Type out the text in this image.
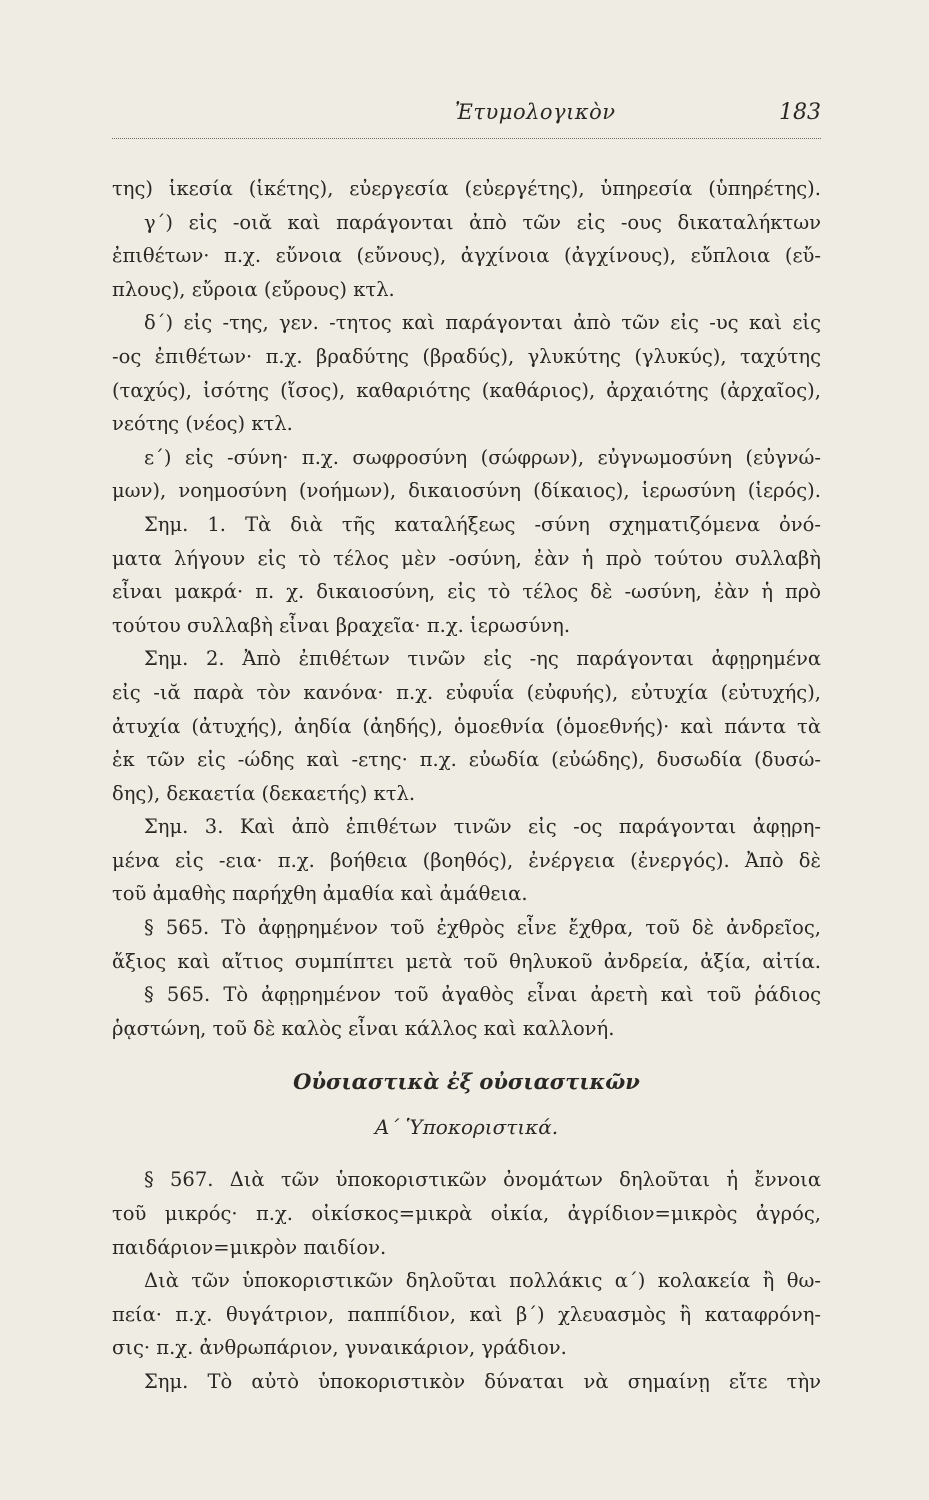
Ἐτυμολογικὸν	183
της) ἱκεσία (ἱκέτης), εὐεργεσία (εὐεργέτης), ὑπηρεσία (ὑπηρέτης).
γ΄) εἰς -οιᾰ καὶ παράγονται ἀπὸ τῶν εἰς -ους δικαταλήκτων
ἐπιθέτων· π.χ. εὔνοια (εὔνους), ἀγχίνοια (ἀγχίνους), εὔπλοια (εὔ-
πλους), εὔροια (εὔρους) κτλ.
δ΄) εἰς -της, γεν. -τητος καὶ παράγονται ἀπὸ τῶν εἰς -υς καὶ εἰς
-ος ἐπιθέτων· π.χ. βραδύτης (βραδύς), γλυκύτης (γλυκύς), ταχύτης
(ταχύς), ἰσότης (ἴσος), καθαριότης (καθάριος), ἀρχαιότης (ἀρχαῖος),
νεότης (νέος) κτλ.
ε΄) εἰς -σύνη· π.χ. σωφροσύνη (σώφρων), εὐγνωμοσύνη (εὐγνώ-
μων), νοημοσύνη (νοήμων), δικαιοσύνη (δίκαιος), ἱερωσύνη (ἱερός).
Σημ. 1. Τὰ διὰ τῆς καταλήξεως -σύνη σχηματιζόμενα ὀνό-
ματα λήγουν εἰς τὸ τέλος μὲν -οσύνη, ἐὰν ἡ πρὸ τούτου συλλαβὴ
εἶναι μακρά· π. χ. δικαιοσύνη, εἰς τὸ τέλος δὲ -ωσύνη, ἐὰν ἡ πρὸ
τούτου συλλαβὴ εἶναι βραχεῖα· π.χ. ἱερωσύνη.
Σημ. 2. Ἀπὸ ἐπιθέτων τινῶν εἰς -ης παράγονται ἀφῃρημένα
εἰς -ιᾰ παρὰ τὸν κανόνα· π.χ. εὐφυΐα (εὐφυής), εὐτυχία (εὐτυχής),
ἀτυχία (ἀτυχής), ἀηδία (ἀηδής), ὁμοεθνία (ὁμοεθνής)· καὶ πάντα τὰ
ἐκ τῶν εἰς -ώδης καὶ -ετης· π.χ. εὐωδία (εὐώδης), δυσωδία (δυσώ-
δης), δεκαετία (δεκαετής) κτλ.
Σημ. 3. Καὶ ἀπὸ ἐπιθέτων τινῶν εἰς -ος παράγονται ἀφῃρη-
μένα εἰς -εια· π.χ. βοήθεια (βοηθός), ἐνέργεια (ἐνεργός). Ἀπὸ δὲ
τοῦ ἀμαθὴς παρήχθη ἀμαθία καὶ ἀμάθεια.
§ 565. Τὸ ἀφῃρημένον τοῦ ἐχθρὸς εἶνε ἔχθρα, τοῦ δὲ ἀνδρεῖος,
ἄξιος καὶ αἴτιος συμπίπτει μετὰ τοῦ θηλυκοῦ ἀνδρεία, ἀξία, αἰτία.
§ 565. Τὸ ἀφῃρημένον τοῦ ἀγαθὸς εἶναι ἀρετὴ καὶ τοῦ ῥάδιος
ῥᾳστώνη, τοῦ δὲ καλὸς εἶναι κάλλος καὶ καλλονή.
Οὐσιαστικὰ ἐξ οὐσιαστικῶν
Α΄ Ὑποκοριστικά.
§ 567. Διὰ τῶν ὑποκοριστικῶν ὀνομάτων δηλοῦται ἡ ἔννοια
τοῦ μικρός· π.χ. οἰκίσκος=μικρὰ οἰκία, ἀγρίδιον=μικρὸς ἀγρός,
παιδάριον=μικρὸν παιδίον.
Διὰ τῶν ὑποκοριστικῶν δηλοῦται πολλάκις α΄) κολακεία ἢ θω-
πεία· π.χ. θυγάτριον, παππίδιον, καὶ β΄) χλευασμὸς ἢ καταφρόνη-
σις· π.χ. ἀνθρωπάριον, γυναικάριον, γράδιον.
Σημ. Τὸ αὐτὸ ὑποκοριστικὸν δύναται νὰ σημαίνῃ εἴτε τὴν
